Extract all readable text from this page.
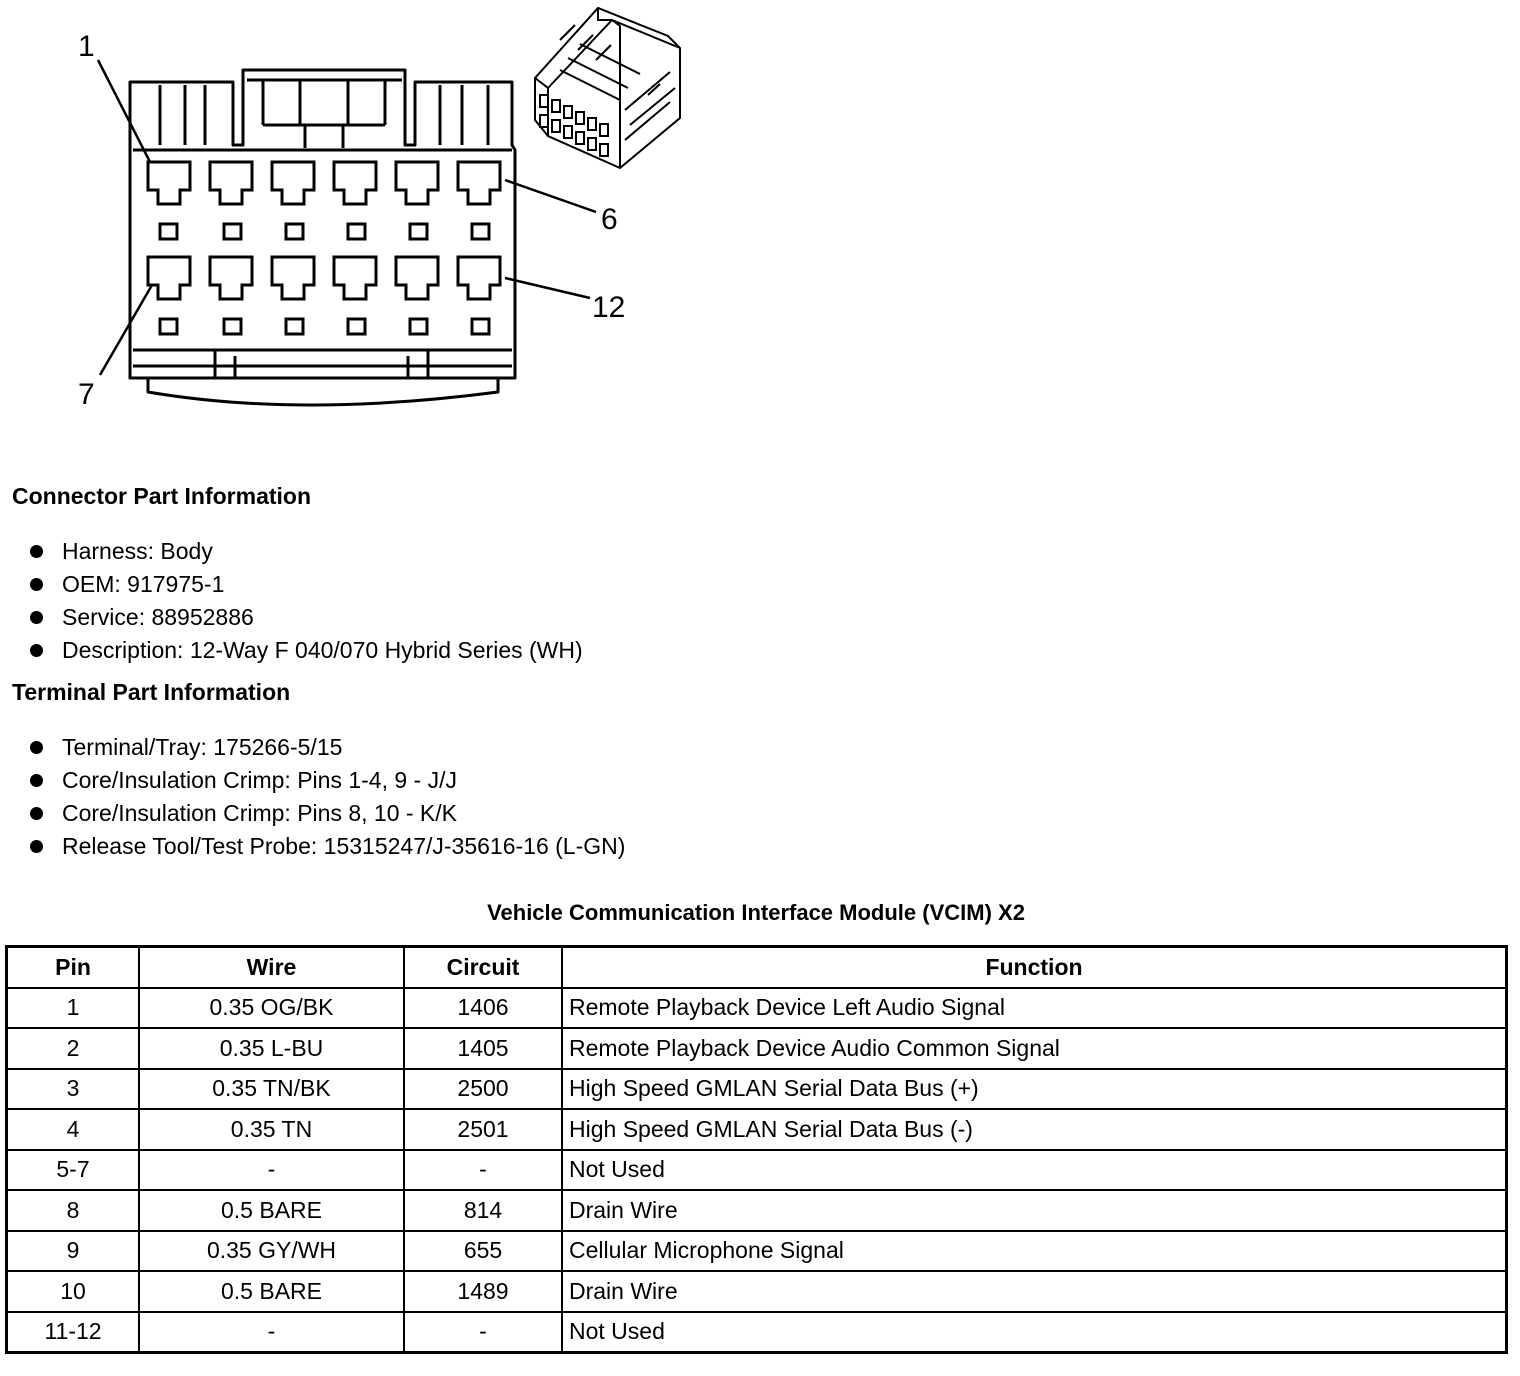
1
6
12
7
Connector Part Information
Harness: Body
OEM: 917975-1
Service: 88952886
Description: 12-Way F 040/070 Hybrid Series (WH)
Terminal Part Information
Terminal/Tray: 175266-5/15
Core/Insulation Crimp: Pins 1-4, 9 - J/J
Core/Insulation Crimp: Pins 8, 10 - K/K
Release Tool/Test Probe: 15315247/J-35616-16 (L-GN)
Vehicle Communication Interface Module (VCIM) X2
Pin	Wire	Circuit	Function
1	0.35 OG/BK	1406	Remote Playback Device Left Audio Signal
2	0.35 L-BU	1405	Remote Playback Device Audio Common Signal
3	0.35 TN/BK	2500	High Speed GMLAN Serial Data Bus (+)
4	0.35 TN	2501	High Speed GMLAN Serial Data Bus (-)
5-7	-	-	Not Used
8	0.5 BARE	814	Drain Wire
9	0.35 GY/WH	655	Cellular Microphone Signal
10	0.5 BARE	1489	Drain Wire
11-12	-	-	Not Used
